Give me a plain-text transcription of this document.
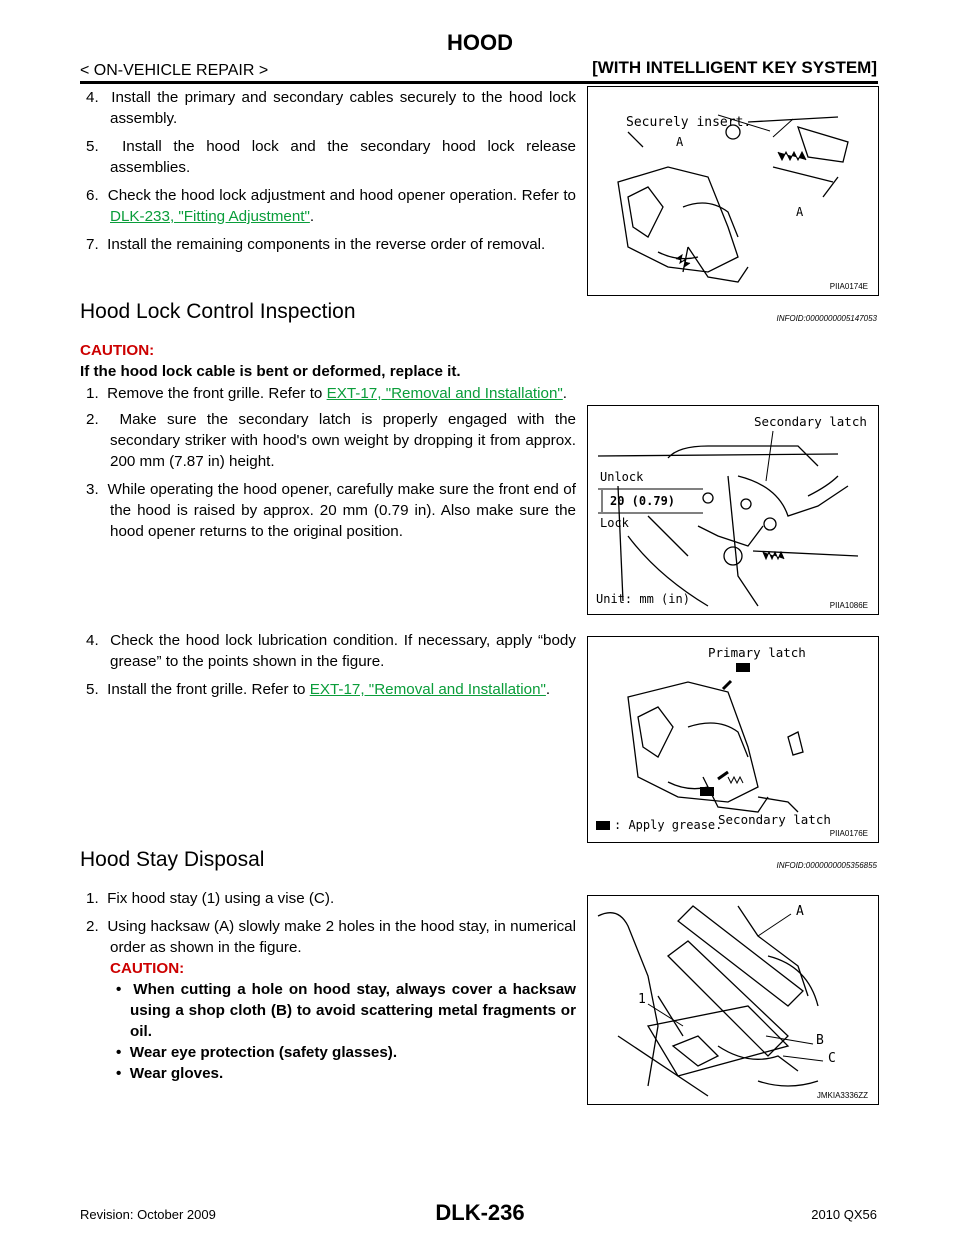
HOOD
< ON-VEHICLE REPAIR >	[WITH INTELLIGENT KEY SYSTEM]

4. Install the primary and secondary cables securely to the hood lock assembly.

5. Install the hood lock and the secondary hood lock release assemblies.

6. Check the hood lock adjustment and hood opener operation. Refer to DLK-233, "Fitting Adjustment".

7. Install the remaining components in the reverse order of removal.

Securely insert.
A
A
PIIA0174E
Hood Lock Control Inspection	INFOID:0000000005147053
CAUTION:
If the hood lock cable is bent or deformed, replace it.
1. Remove the front grille. Refer to EXT-17, "Removal and Installation".

2. Make sure the secondary latch is properly engaged with the secondary striker with hood's own weight by dropping it from approx. 200 mm (7.87 in) height.

3. While operating the hood opener, carefully make sure the front end of the hood is raised by approx. 20 mm (0.79 in). Also make sure the hood opener returns to the original position.

Secondary latch
Unlock
20 (0.79)
Lock
Unit: mm (in)	PIIA1086E

4. Check the hood lock lubrication condition. If necessary, apply “body grease” to the points shown in the figure.

5. Install the front grille. Refer to EXT-17, "Removal and Installation".

Primary latch
Secondary latch
: Apply grease.
PIIA0176E
Hood Stay Disposal	INFOID:0000000005356855

1. Fix hood stay (1) using a vise (C).

2. Using hacksaw (A) slowly make 2 holes in the hood stay, in numerical order as shown in the figure.

CAUTION:

•  When cutting a hole on hood stay, always cover a hacksaw using a shop cloth (B) to avoid scattering metal fragments or oil.

•  Wear eye protection (safety glasses).

•  Wear gloves.

A
1
B
C
JMKIA3336ZZ
Revision: October 2009	DLK-236	2010 QX56
